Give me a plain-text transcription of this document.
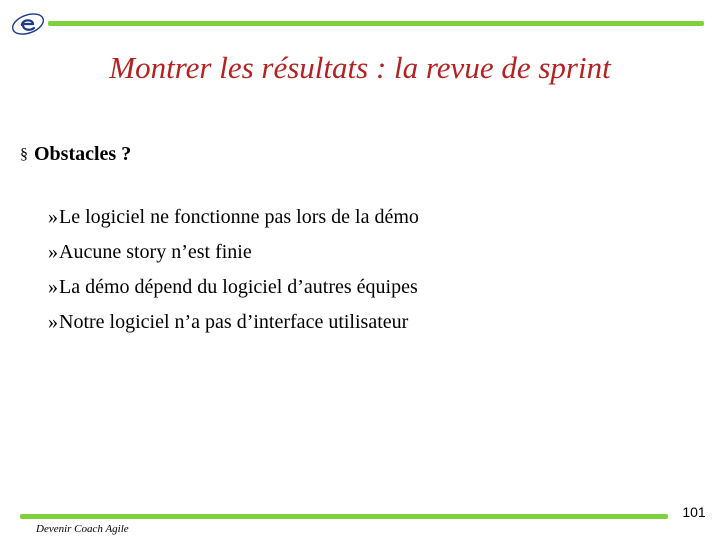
Montrer les résultats : la revue de sprint
§ Obstacles ?
»Le logiciel ne fonctionne pas lors de la démo
»Aucune story n’est finie
»La démo dépend du logiciel d’autres équipes
»Notre logiciel n’a pas d’interface utilisateur
101
Devenir Coach Agile
